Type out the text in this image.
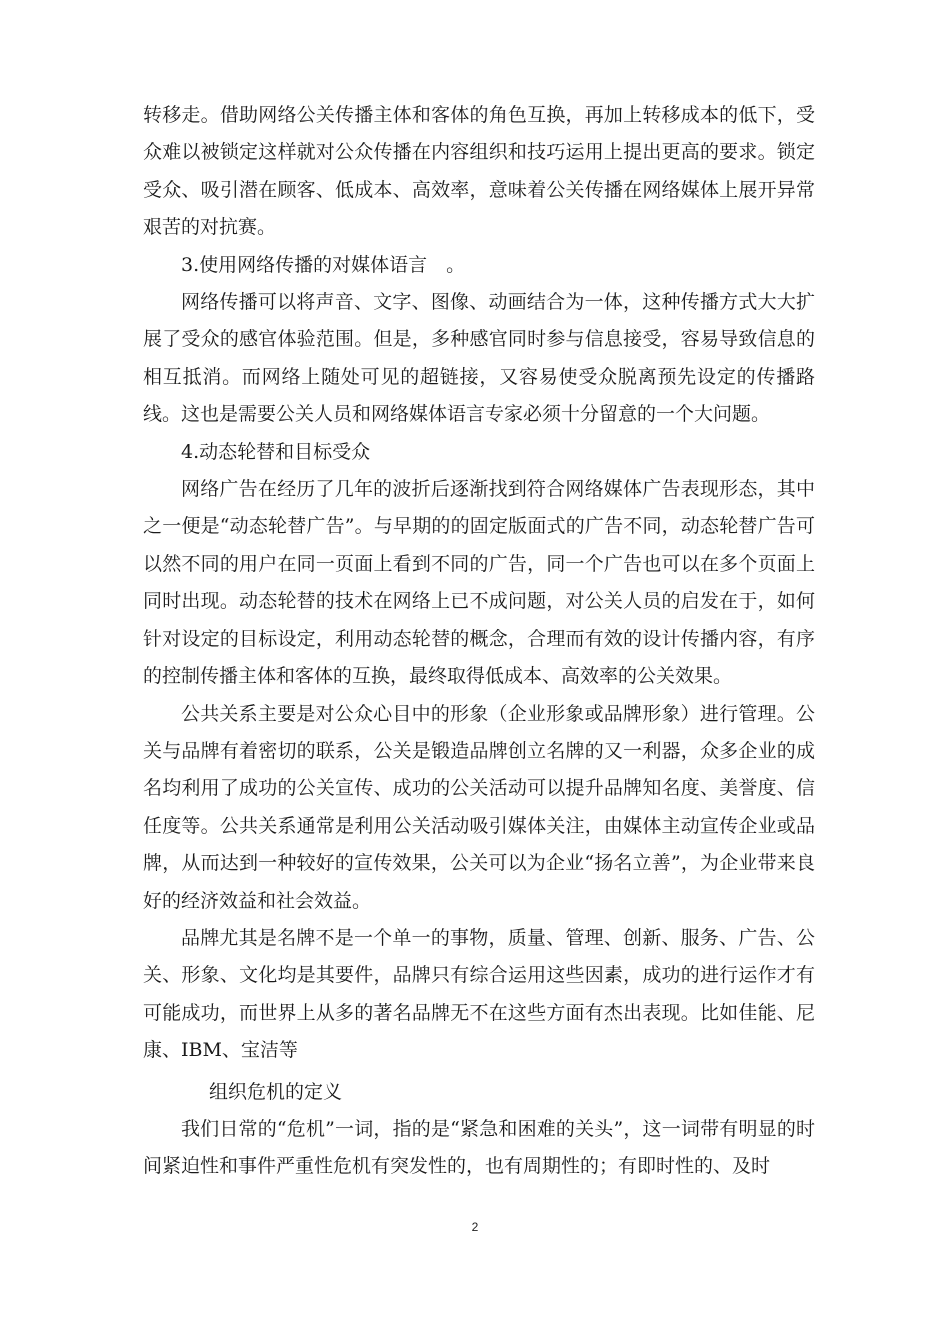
转移走。借助网络公关传播主体和客体的角色互换，再加上转移成本的低下，受众难以被锁定这样就对公众传播在内容组织和技巧运用上提出更高的要求。锁定受众、吸引潜在顾客、低成本、高效率，意味着公关传播在网络媒体上展开异常艰苦的对抗赛。

3.使用网络传播的对媒体语言　。

网络传播可以将声音、文字、图像、动画结合为一体，这种传播方式大大扩展了受众的感官体验范围。但是，多种感官同时参与信息接受，容易导致信息的相互抵消。而网络上随处可见的超链接，又容易使受众脱离预先设定的传播路线。这也是需要公关人员和网络媒体语言专家必须十分留意的一个大问题。

4.动态轮替和目标受众

网络广告在经历了几年的波折后逐渐找到符合网络媒体广告表现形态，其中之一便是“动态轮替广告”。与早期的的固定版面式的广告不同，动态轮替广告可以然不同的用户在同一页面上看到不同的广告，同一个广告也可以在多个页面上同时出现。动态轮替的技术在网络上已不成问题，对公关人员的启发在于，如何针对设定的目标设定，利用动态轮替的概念，合理而有效的设计传播内容，有序的控制传播主体和客体的互换，最终取得低成本、高效率的公关效果。

公共关系主要是对公众心目中的形象（企业形象或品牌形象）进行管理。公关与品牌有着密切的联系，公关是锻造品牌创立名牌的又一利器，众多企业的成名均利用了成功的公关宣传、成功的公关活动可以提升品牌知名度、美誉度、信任度等。公共关系通常是利用公关活动吸引媒体关注，由媒体主动宣传企业或品牌，从而达到一种较好的宣传效果，公关可以为企业“扬名立善”，为企业带来良好的经济效益和社会效益。

品牌尤其是名牌不是一个单一的事物，质量、管理、创新、服务、广告、公关、形象、文化均是其要件，品牌只有综合运用这些因素，成功的进行运作才有可能成功，而世界上从多的著名品牌无不在这些方面有杰出表现。比如佳能、尼康、IBM、宝洁等

组织危机的定义

我们日常的“危机”一词，指的是“紧急和困难的关头”，这一词带有明显的时间紧迫性和事件严重性危机有突发性的，也有周期性的；有即时性的、及时

2
